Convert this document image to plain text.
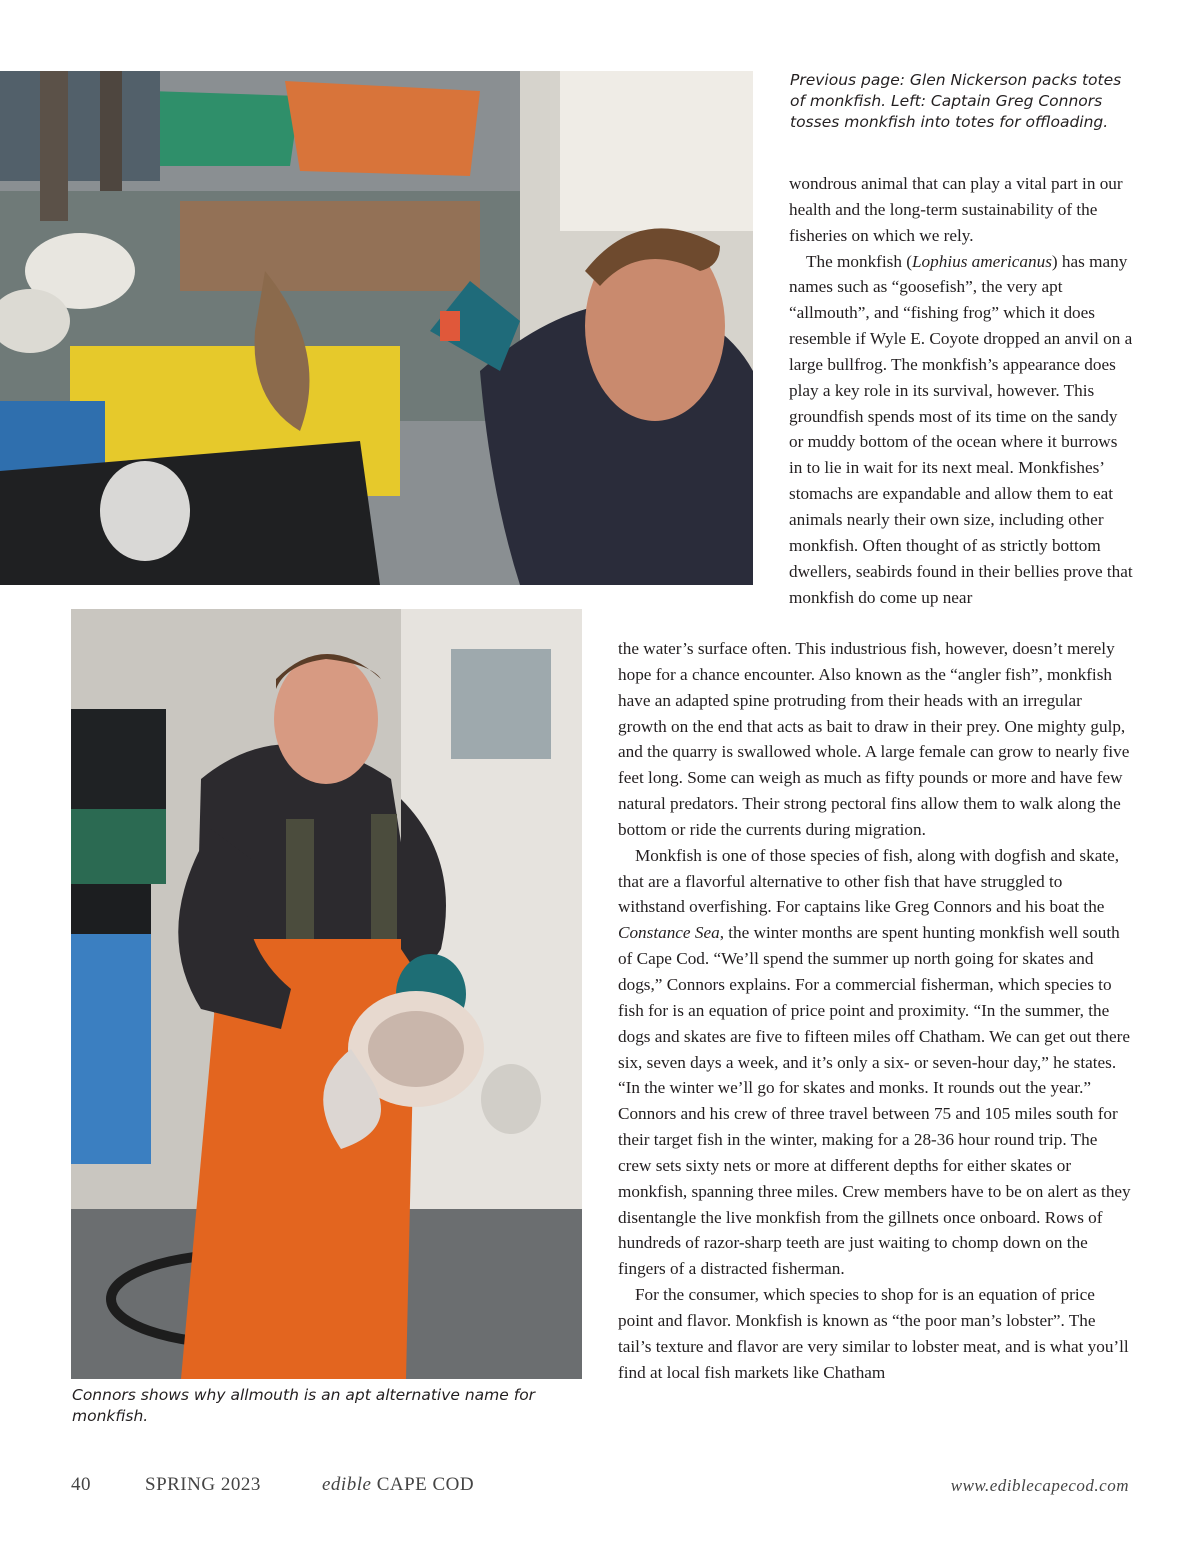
Previous page: Glen Nickerson packs totes of monkfish. Left: Captain Greg Connors tosses monkfish into totes for offloading.

Connors shows why allmouth is an apt alternative name for monkfish.

wondrous animal that can play a vital part in our health and the long-term sustainability of the fisheries on which we rely.
The monkfish (Lophius americanus) has many names such as “goosefish”, the very apt “allmouth”, and “fishing frog” which it does resemble if Wyle E. Coyote dropped an anvil on a large bullfrog. The monkfish’s appearance does play a key role in its survival, however. This groundfish spends most of its time on the sandy or muddy bottom of the ocean where it burrows in to lie in wait for its next meal. Monkfishes’ stomachs are expandable and allow them to eat animals nearly their own size, including other monkfish. Often thought of as strictly bottom dwellers, seabirds found in their bellies prove that monkfish do come up near
the water’s surface often. This industrious fish, however, doesn’t merely hope for a chance encounter. Also known as the “angler fish”, monkfish have an adapted spine protruding from their heads with an irregular growth on the end that acts as bait to draw in their prey. One mighty gulp, and the quarry is swallowed whole. A large female can grow to nearly five feet long. Some can weigh as much as fifty pounds or more and have few natural predators. Their strong pectoral fins allow them to walk along the bottom or ride the currents during migration.
Monkfish is one of those species of fish, along with dogfish and skate, that are a flavorful alternative to other fish that have struggled to withstand overfishing. For captains like Greg Connors and his boat the Constance Sea, the winter months are spent hunting monkfish well south of Cape Cod. “We’ll spend the summer up north going for skates and dogs,” Connors explains. For a commercial fisherman, which species to fish for is an equation of price point and proximity. “In the summer, the dogs and skates are five to fifteen miles off Chatham. We can get out there six, seven days a week, and it’s only a six- or seven-hour day,” he states. “In the winter we’ll go for skates and monks. It rounds out the year.” Connors and his crew of three travel between 75 and 105 miles south for their target fish in the winter, making for a 28-36 hour round trip. The crew sets sixty nets or more at different depths for either skates or monkfish, spanning three miles. Crew members have to be on alert as they disentangle the live monkfish from the gillnets once onboard. Rows of hundreds of razor-sharp teeth are just waiting to chomp down on the fingers of a distracted fisherman.
For the consumer, which species to shop for is an equation of price point and flavor. Monkfish is known as “the poor man’s lobster”. The tail’s texture and flavor are very similar to lobster meat, and is what you’ll find at local fish markets like Chatham
40	SPRING 2023	edible CAPE COD	www.ediblecapecod.com
